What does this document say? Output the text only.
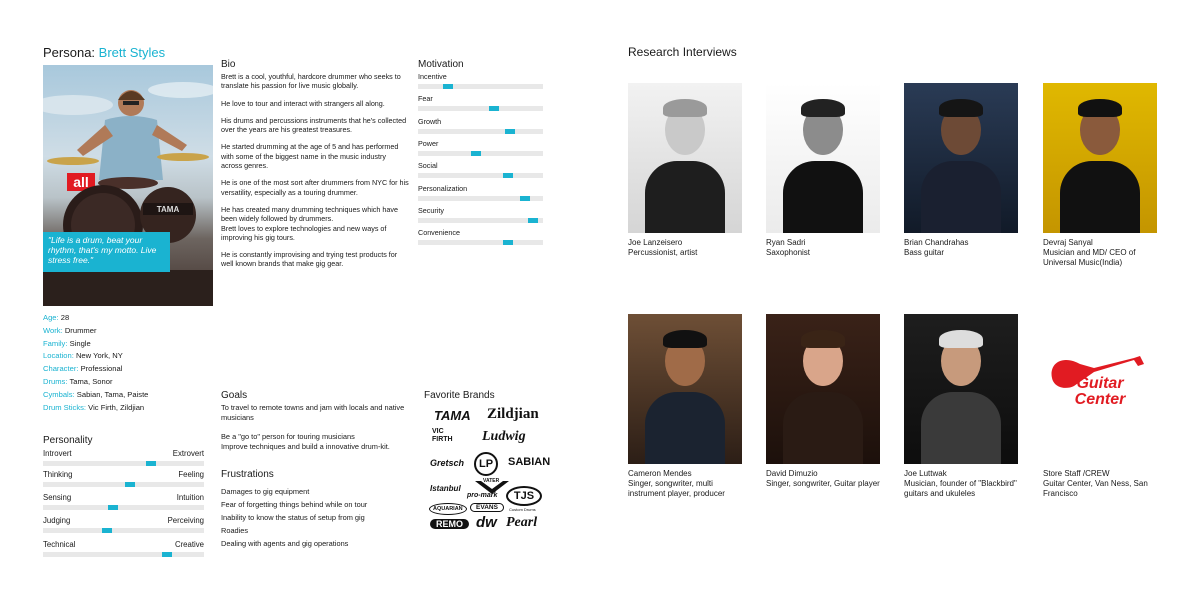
Persona: Brett Styles
all
TAMA
"Life is a drum, beat your rhythm, that's my motto. Live stress free."
Age: 28
Work: Drummer
Family: Single
Location: New York, NY
Character: Professional
Drums: Tama, Sonor
Cymbals: Sabian, Tama, Paiste
Drum Sticks: Vic Firth, Zildjian
Personality
Introvert	Extrovert
Thinking	Feeling
Sensing	Intuition
Judging	Perceiving
Technical	Creative
Bio

Brett is a cool, youthful, hardcore drummer who seeks to translate his passion for live music globally.

He love to tour and interact with strangers all along.

His drums and percussions instruments that he's collected over the years are his greatest treasures.

He started drumming at the age of 5 and has performed with some of the biggest name in the music industry across genres.

He is one of the most sort after drummers from NYC for his versatility, especially as a touring drummer.

He has created many drumming techniques which have been widely followed by drummers.
Brett loves to explore technologies and new ways of improving his gig tours.

He is constantly improvising and trying test products for well known brands that make gig gear.

Motivation
Incentive
Fear
Growth
Power
Social
Personalization
Security
Convenience
Goals

To travel to remote towns and jam with locals and native musicians

Be a "go to" person for touring musicians
Improve techniques and build a innovative drum-kit.

Frustrations

Damages to gig equipment

Fear of forgetting things behind while on tour

Inability to know the status of setup from gig

Roadies

Dealing with agents and gig operations

Favorite Brands
TAMA Zildjian
VIC FIRTH	Ludwig
Gretsch	LP	SABIAN
Istanbul
pro-mark
EVANS
VATER
TJS
Custom Drums
AQUARIAN
REMO dw Pearl
Research Interviews
Joe Lanzeisero
Percussionist, artist
Ryan Sadri
Saxophonist
Brian Chandrahas
Bass guitar
Devraj Sanyal
Musician and MD/ CEO of Universal Music(India)
Cameron Mendes
Singer, songwriter, multi instrument player, producer
David Dimuzio
Singer, songwriter, Guitar player
Joe Luttwak
Musician, founder of "Blackbird" guitars and ukuleles
Store Staff /CREW
Guitar Center, Van Ness, San Francisco
Guitar
Center
